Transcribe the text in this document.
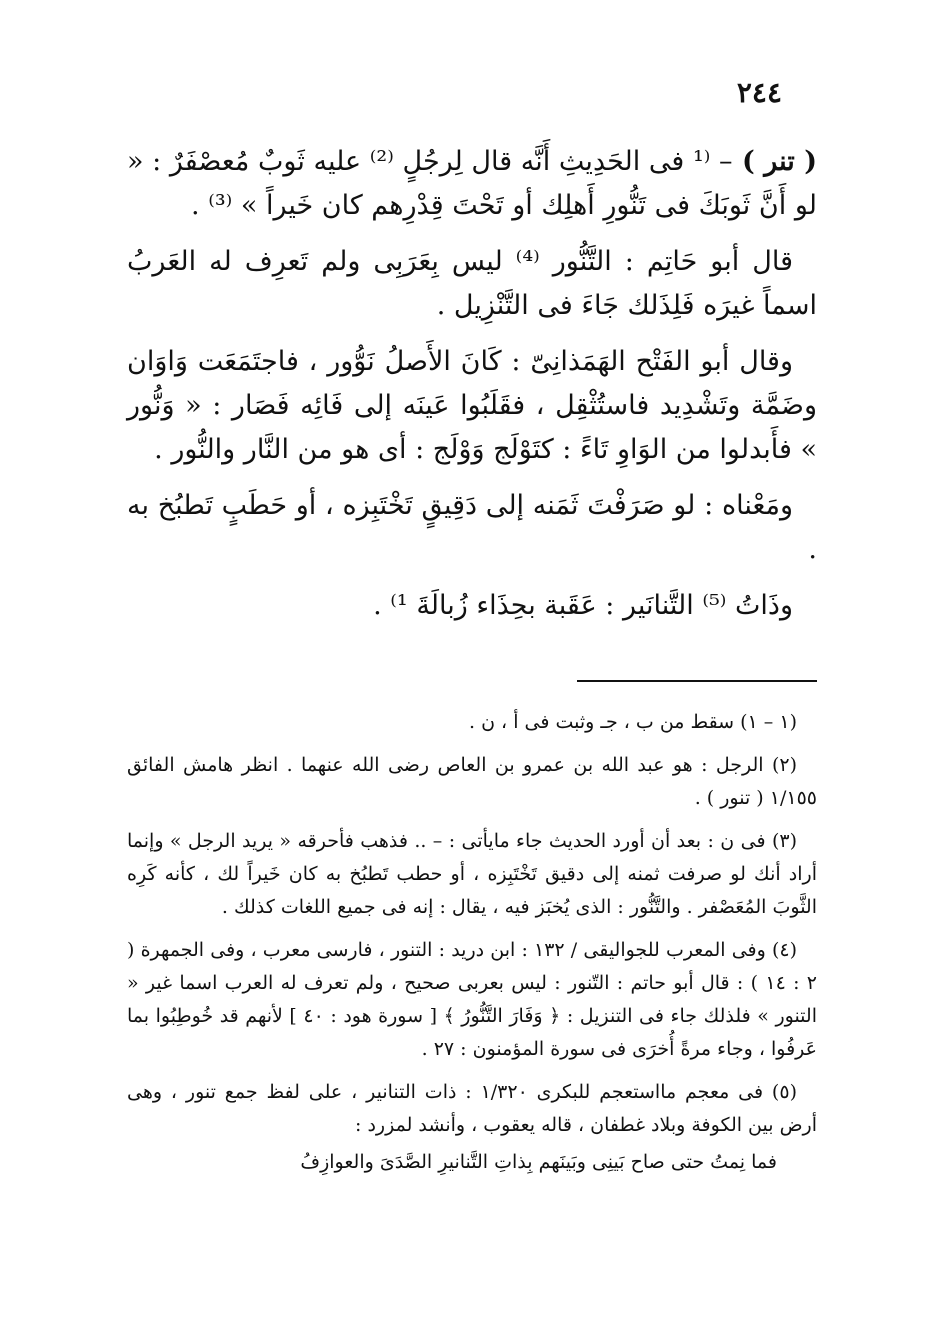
٢٤٤

( تنر ) – ⁽¹ فى الحَدِيثِ أَنَّه قال لِرجُلٍ ⁽²⁾ عليه ثَوبٌ مُعصْفَرٌ : « لو أَنَّ ثَوبَكَ فى تَنُّورِ أَهلِك أو تَحْتَ قِدْرِهم كان خَيراً » ⁽³⁾ .

قال أبو حَاتِم : التَّنُّور ⁽⁴⁾ ليس بِعَرَبِى ولم تَعرِف له العَربُ اسماً غيرَه فَلِذَلك جَاءَ فى التَّنْزِيل .

وقال أبو الفَتْح الهَمَذانِىّ : كَانَ الأَصلُ نَوُّور ، فاجتَمَعَت وَاوَان وضَمَّة وتَشْدِيد فاستُثْقِل ، فقَلَبُوا عَينَه إلى فَائِه فَصَار : « وَنُّور » فأَبدلوا من الوَاوِ تَاءً : كتَوْلَج وَوْلَج : أى هو من النَّار والنُّور .

ومَعْناه : لو صَرَفْتَ ثَمَنه إلى دَقِيقٍ تَخْتَبِزه ، أو حَطَبٍ تَطبُخ به .

وذَاتُ ⁽⁵⁾ التَّنانَير : عَقَبة بحِذَاء زُبالَةَ ¹⁾ .

(١ – ١) سقط من ب ، جـ وثبت فى أ ، ن .

(٢) الرجل : هو عبد الله بن عمرو بن العاص رضى الله عنهما . انظر هامش الفائق ١/١٥٥ ( تنور ) .

(٣) فى ن : بعد أن أورد الحديث جاء مايأتى : – .. فذهب فأحرقه « يريد الرجل » وإنما أراد أنك لو صرفت ثمنه إلى دقيق تَخْتَبِزه ، أو حطب تَطبُخ به كان خَيراً لك ، كأنه كَرِه الثَّوبَ المُعَصْفر . والتَّنُّور : الذى يُخبَز فيه ، يقال : إنه فى جميع اللغات كذلك .

(٤) وفى المعرب للجواليقى / ١٣٢ : ابن دريد : التنور ، فارسى معرب ، وفى الجمهرة ( ٢ : ١٤ ) : قال أبو حاتم : التّنور : ليس بعربى صحيح ، ولم تعرف له العرب اسما غير « التنور » فلذلك جاء فى التنزيل : ﴿ وَفَارَ التَّنُّورُ ﴾ [ سورة هود : ٤٠ ] لأنهم قد خُوطِبُوا بما عَرفُوا ، وجاء مرةً أُخرَى فى سورة المؤمنون : ٢٧ .

(٥) فى معجم مااستعجم للبكرى ١/٣٢٠ : ذات التنانير ، على لفظ جمع تنور ، وهى أرض بين الكوفة وبلاد غطفان ، قاله يعقوب ، وأنشد لمزرد :

فما نِمتُ حتى صاح بَينِى وبَينَهم بِذاتِ التَّنانيرِ الصَّدَىَ والعوازِفُ
